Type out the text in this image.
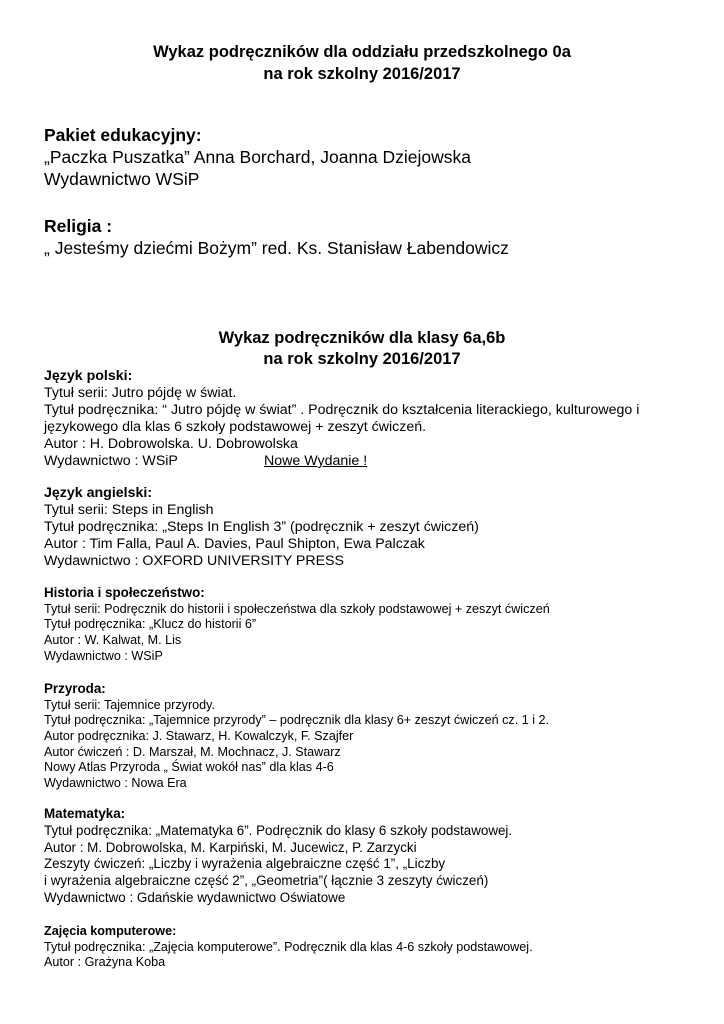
Wykaz podręczników dla oddziału przedszkolnego 0a
na rok szkolny 2016/2017
Pakiet edukacyjny:
„Paczka Puszatka” Anna Borchard, Joanna Dziejowska
Wydawnictwo WSiP
Religia :
„ Jesteśmy dziećmi Bożym” red. Ks. Stanisław Łabendowicz
Wykaz podręczników dla klasy 6a,6b
na rok szkolny 2016/2017
Język polski:
Tytuł serii: Jutro pójdę w świat.
Tytuł podręcznika: “ Jutro pójdę w świat” . Podręcznik do kształcenia literackiego, kulturowego i językowego dla klas 6 szkoły podstawowej + zeszyt ćwiczeń.
Autor : H. Dobrowolska. U. Dobrowolska
Wydawnictwo : WSiP	Nowe Wydanie !
Język angielski:
Tytuł serii: Steps in English
Tytuł podręcznika: „Steps In English 3” (podręcznik + zeszyt ćwiczeń)
Autor : Tim Falla, Paul A. Davies, Paul Shipton, Ewa Palczak
Wydawnictwo : OXFORD UNIVERSITY PRESS
Historia i społeczeństwo:
Tytuł serii: Podręcznik do historii i społeczeństwa dla szkoły podstawowej + zeszyt ćwiczeń
Tytuł podręcznika: „Klucz do historii 6”
Autor : W. Kalwat, M. Lis
Wydawnictwo : WSiP
Przyroda:
Tytuł serii: Tajemnice przyrody.
Tytuł podręcznika: „Tajemnice przyrody” – podręcznik dla klasy 6+ zeszyt ćwiczeń cz. 1 i 2.
Autor podręcznika: J. Stawarz, H. Kowalczyk, F. Szajfer
Autor ćwiczeń : D. Marszał, M. Mochnacz, J. Stawarz
Nowy Atlas Przyroda „ Świat wokół nas” dla klas 4-6
Wydawnictwo : Nowa Era
Matematyka:
Tytuł podręcznika: „Matematyka 6”. Podręcznik do klasy 6 szkoły podstawowej.
Autor : M. Dobrowolska, M. Karpiński, M. Jucewicz, P. Zarzycki
Zeszyty ćwiczeń: „Liczby i wyrażenia algebraiczne część 1”, „Liczby
i wyrażenia algebraiczne część 2”, „Geometria”( łącznie 3 zeszyty ćwiczeń)
Wydawnictwo : Gdańskie wydawnictwo Oświatowe
Zajęcia komputerowe:
Tytuł podręcznika: „Zajęcia komputerowe”. Podręcznik dla klas 4-6 szkoły podstawowej.
Autor : Grażyna Koba
